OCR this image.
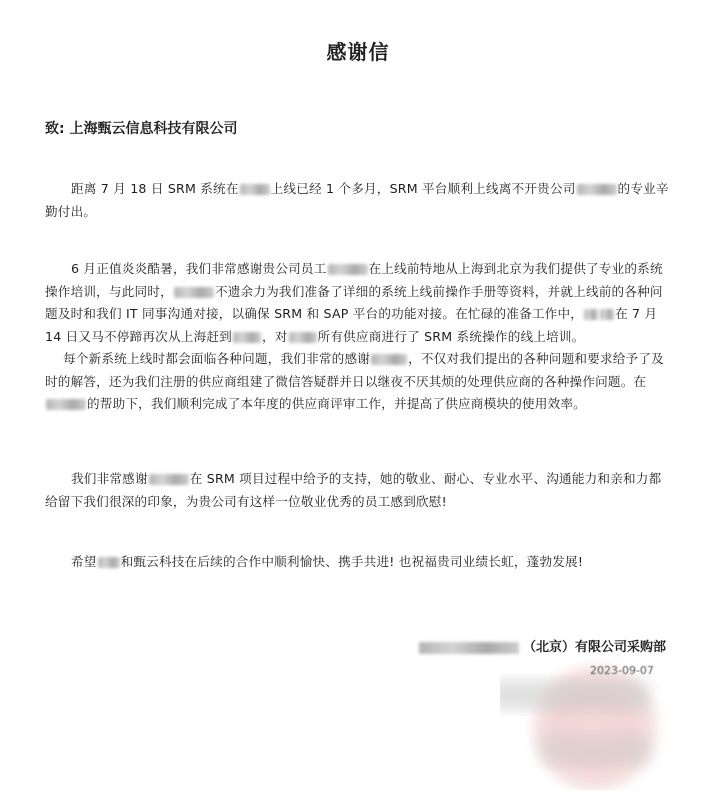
感谢信
致: 上海甄云信息科技有限公司
距离 7 月 18 日 SRM 系统在	上线已经 1 个多月，SRM 平台顺利上线离不开贵公司	的专业辛勤付出。

6 月正值炎炎酷暑，我们非常感谢贵公司员工	在上线前特地从上海到北京为我们提供了专业的系统操作培训，与此同时，	不遗余力为我们准备了详细的系统上线前操作手册等资料，并就上线前的各种问题及时和我们 IT 同事沟通对接，以确保 SRM 和 SAP 平台的功能对接。在忙碌的准备工作中，	在 7 月 14 日又马不停蹄再次从上海赶到 ，对 所有供应商进行了 SRM 系统操作的线上培训。

每个新系统上线时都会面临各种问题，我们非常的感谢	，不仅对我们提出的各种问题和要求给予了及时的解答，还为我们注册的供应商组建了微信答疑群并日以继夜不厌其烦的处理供应商的各种操作问题。在的帮助下，我们顺利完成了本年度的供应商评审工作，并提高了供应商模块的使用效率。

我们非常感谢	在 SRM 项目过程中给予的支持，她的敬业、耐心、专业水平、沟通能力和亲和力都给留下我们很深的印象，为贵公司有这样一位敬业优秀的员工感到欣慰!
希望 和甄云科技在后续的合作中顺利愉快、携手共进! 也祝福贵司业绩长虹，蓬勃发展!
（北京）有限公司采购部
2023-09-07
